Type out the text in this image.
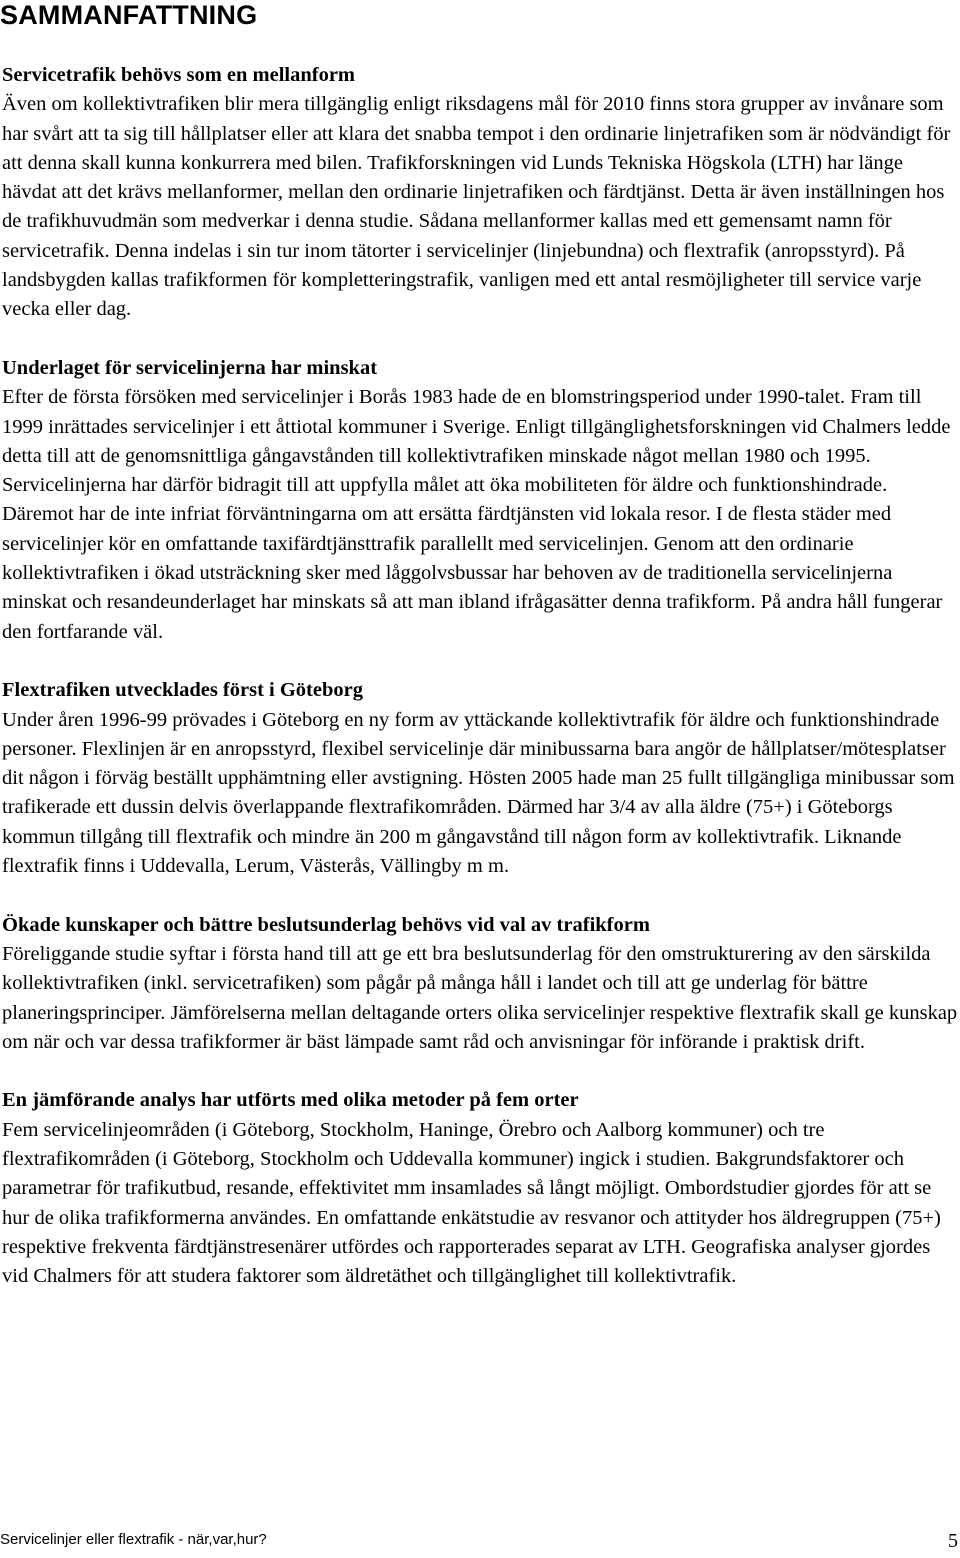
SAMMANFATTNING
Servicetrafik behövs som en mellanform

Även om kollektivtrafiken blir mera tillgänglig enligt riksdagens mål för 2010 finns stora grupper av invånare som har svårt att ta sig till hållplatser eller att klara det snabba tempot i den ordinarie linjetrafiken som är nödvändigt för att denna skall kunna konkurrera med bilen. Trafikforskningen vid Lunds Tekniska Högskola (LTH) har länge hävdat att det krävs mellanformer, mellan den ordinarie linjetrafiken och färdtjänst. Detta är även inställningen hos de trafikhuvudmän som medverkar i denna studie. Sådana mellanformer kallas med ett gemensamt namn för servicetrafik. Denna indelas i sin tur inom tätorter i servicelinjer (linjebundna) och flextrafik (anropsstyrd). På landsbygden kallas trafikformen för kompletteringstrafik, vanligen med ett antal resmöjligheter till service varje vecka eller dag.

Underlaget för servicelinjerna har minskat

Efter de första försöken med servicelinjer i Borås 1983 hade de en blomstringsperiod under 1990-talet. Fram till 1999 inrättades servicelinjer i ett åttiotal kommuner i Sverige. Enligt tillgänglighetsforskningen vid Chalmers ledde detta till att de genomsnittliga gångavstånden till kollektivtrafiken minskade något mellan 1980 och 1995. Servicelinjerna har därför bidragit till att uppfylla målet att öka mobiliteten för äldre och funktionshindrade. Däremot har de inte infriat förväntningarna om att ersätta färdtjänsten vid lokala resor. I de flesta städer med servicelinjer kör en omfattande taxifärdtjänsttrafik parallellt med servicelinjen. Genom att den ordinarie kollektivtrafiken i ökad utsträckning sker med låggolvsbussar har behoven av de traditionella servicelinjerna minskat och resandeunderlaget har minskats så att man ibland ifrågasätter denna trafikform. På andra håll fungerar den fortfarande väl.

Flextrafiken utvecklades först i Göteborg

Under åren 1996-99 prövades i Göteborg en ny form av yttäckande kollektivtrafik för äldre och funktionshindrade personer. Flexlinjen är en anropsstyrd, flexibel servicelinje där minibussarna bara angör de hållplatser/mötesplatser dit någon i förväg beställt upphämtning eller avstigning. Hösten 2005 hade man 25 fullt tillgängliga minibussar som trafikerade ett dussin delvis överlappande flextrafikområden. Därmed har 3/4 av alla äldre (75+) i Göteborgs kommun tillgång till flextrafik och mindre än 200 m gångavstånd till någon form av kollektivtrafik. Liknande flextrafik finns i Uddevalla, Lerum, Västerås, Vällingby m m.

Ökade kunskaper och bättre beslutsunderlag behövs vid val av trafikform

Föreliggande studie syftar i första hand till att ge ett bra beslutsunderlag för den omstrukturering av den särskilda kollektivtrafiken (inkl. servicetrafiken) som pågår på många håll i landet och till att ge underlag för bättre planeringsprinciper. Jämförelserna mellan deltagande orters olika servicelinjer respektive flextrafik skall ge kunskap om när och var dessa trafikformer är bäst lämpade samt råd och anvisningar för införande i praktisk drift.

En jämförande analys har utförts med olika metoder på fem orter

Fem servicelinjeområden (i Göteborg, Stockholm, Haninge, Örebro och Aalborg kommuner) och tre flextrafikområden (i Göteborg, Stockholm och Uddevalla kommuner) ingick i studien. Bakgrundsfaktorer och parametrar för trafikutbud, resande, effektivitet mm insamlades så långt möjligt. Ombordstudier gjordes för att se hur de olika trafikformerna användes. En omfattande enkätstudie av resvanor och attityder hos äldregruppen (75+) respektive frekventa färdtjänstresenärer utfördes och rapporterades separat av LTH. Geografiska analyser gjordes vid Chalmers för att studera faktorer som äldretäthet och tillgänglighet till kollektivtrafik.

Servicelinjer eller flextrafik - när,var,hur?	5
